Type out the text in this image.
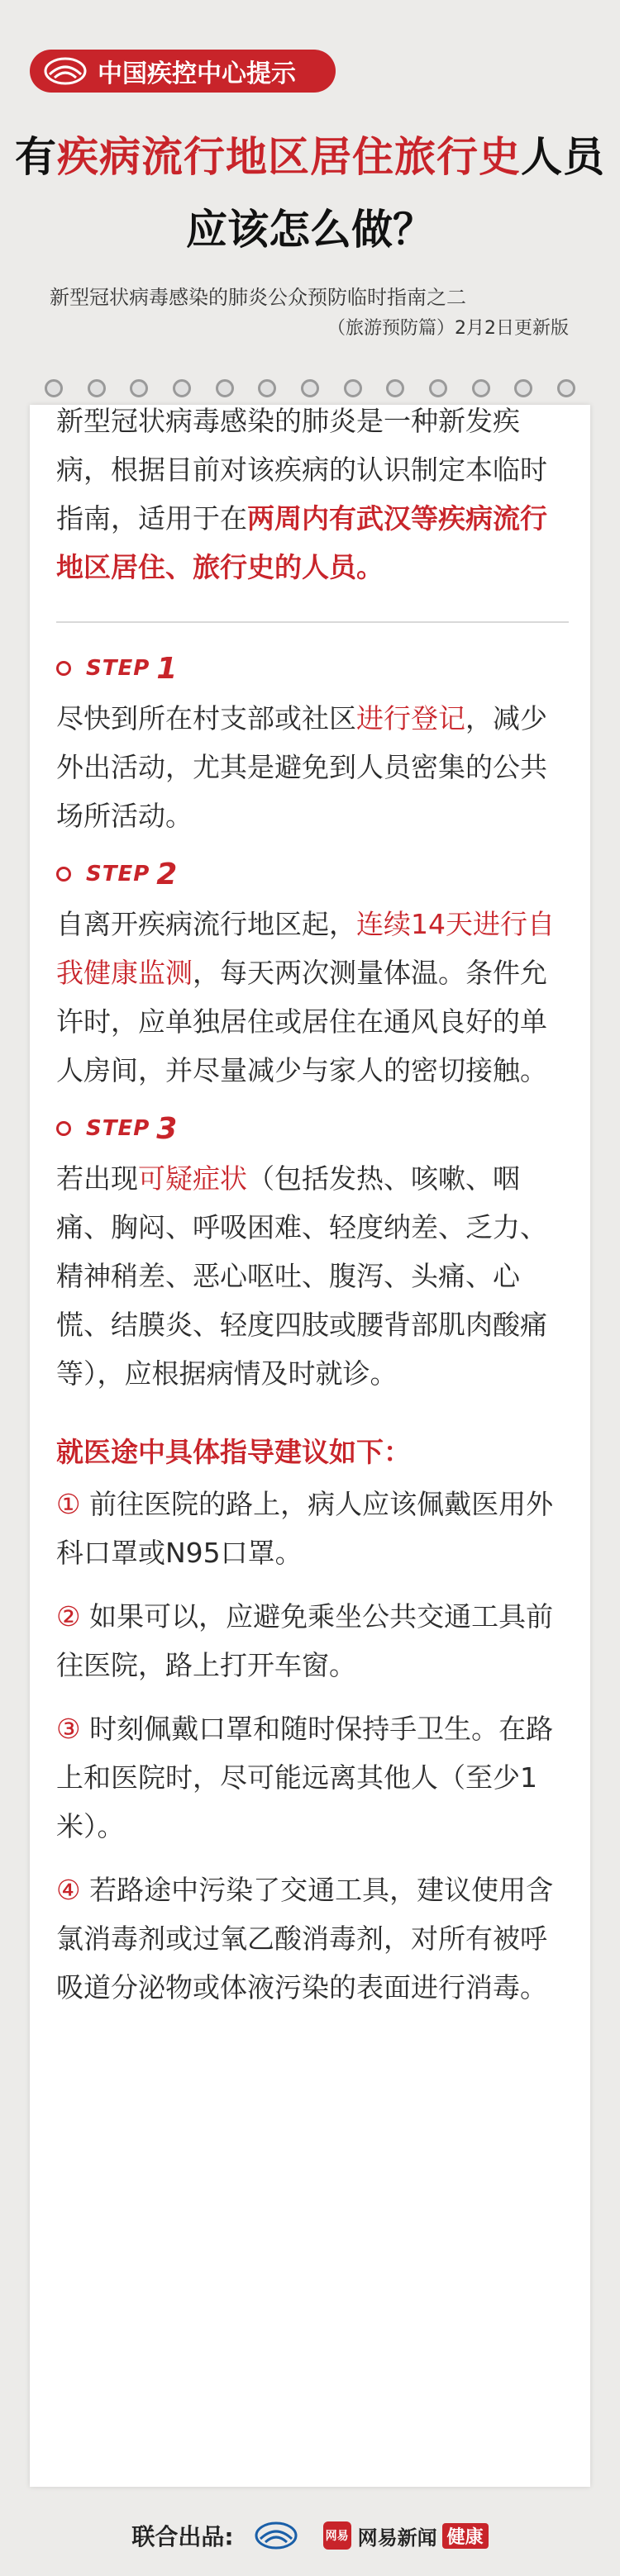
中国疾控中心提示
有疾病流行地区居住旅行史人员
应该怎么做？
新型冠状病毒感染的肺炎公众预防临时指南之二
（旅游预防篇）2月2日更新版

新型冠状病毒感染的肺炎是一种新发疾病，根据目前对该疾病的认识制定本临时指南，适用于在两周内有武汉等疾病流行地区居住、旅行史的人员。

STEP 1

尽快到所在村支部或社区进行登记，减少外出活动，尤其是避免到人员密集的公共场所活动。

STEP 2

自离开疾病流行地区起，连续14天进行自我健康监测，每天两次测量体温。条件允许时，应单独居住或居住在通风良好的单人房间，并尽量减少与家人的密切接触。

STEP 3

若出现可疑症状（包括发热、咳嗽、咽痛、胸闷、呼吸困难、轻度纳差、乏力、精神稍差、恶心呕吐、腹泻、头痛、心慌、结膜炎、轻度四肢或腰背部肌肉酸痛等），应根据病情及时就诊。

就医途中具体指导建议如下：

① 前往医院的路上，病人应该佩戴医用外科口罩或N95口罩。

② 如果可以，应避免乘坐公共交通工具前往医院，路上打开车窗。

③ 时刻佩戴口罩和随时保持手卫生。在路上和医院时，尽可能远离其他人（至少1米）。

④ 若路途中污染了交通工具，建议使用含氯消毒剂或过氧乙酸消毒剂，对所有被呼吸道分泌物或体液污染的表面进行消毒。

联合出品:	网易 网易新闻 健康
